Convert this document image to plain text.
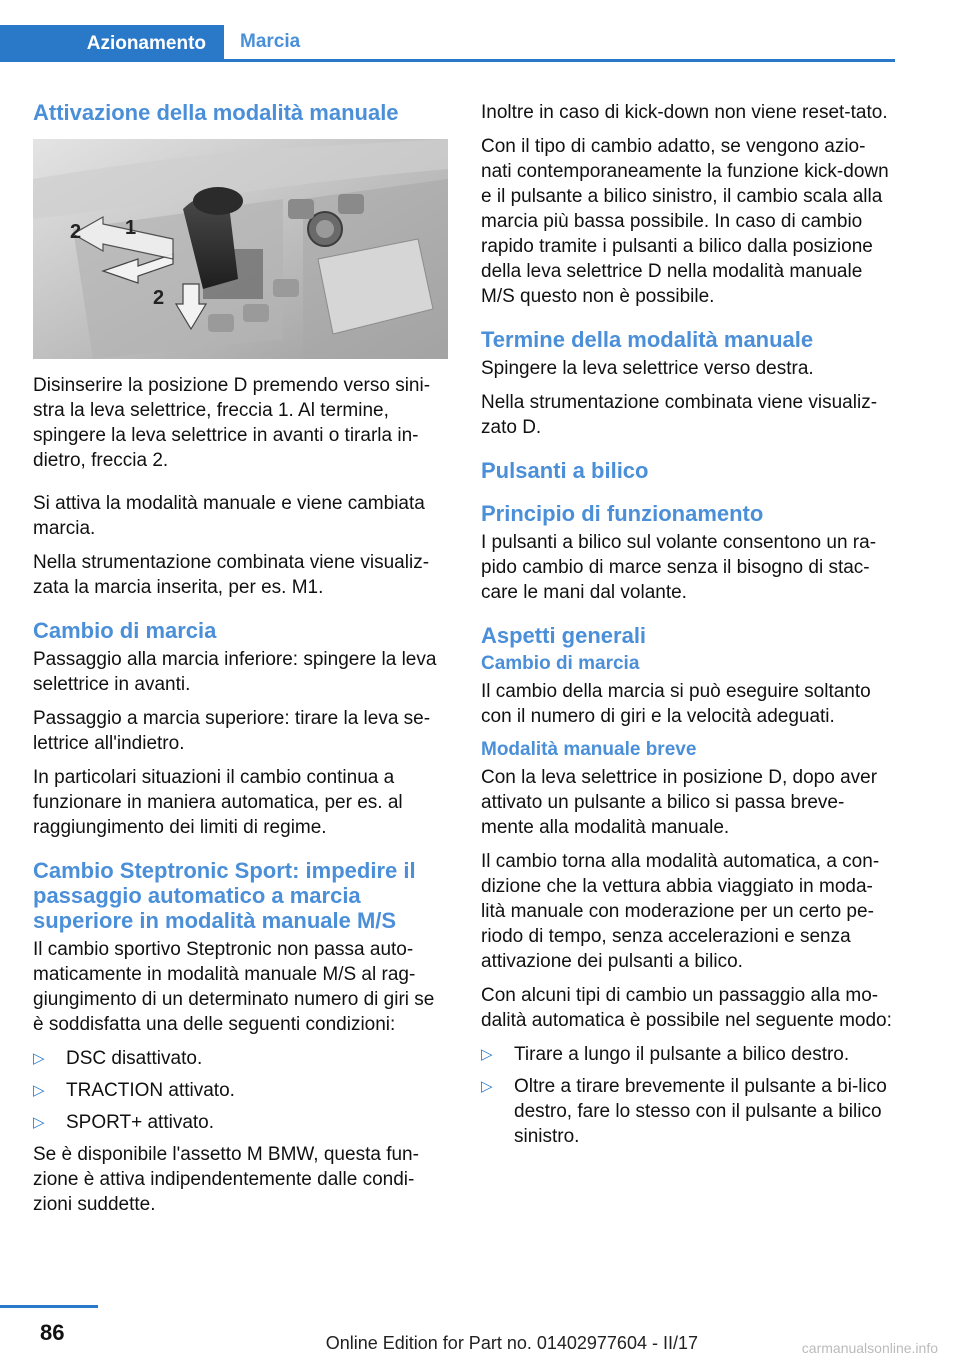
Azionamento	Marcia
Attivazione della modalità manuale
1
2
2

Disinserire la posizione D premendo verso sini-stra la leva selettrice, freccia 1. Al termine, spingere la leva selettrice in avanti o tirarla in-dietro, freccia 2.

Si attiva la modalità manuale e viene cambiata marcia.

Nella strumentazione combinata viene visualiz-zata la marcia inserita, per es. M1.

Cambio di marcia

Passaggio alla marcia inferiore: spingere la leva selettrice in avanti.

Passaggio a marcia superiore: tirare la leva se-lettrice all'indietro.

In particolari situazioni il cambio continua a funzionare in maniera automatica, per es. al raggiungimento dei limiti di regime.

Cambio Steptronic Sport: impedire il passaggio automatico a marcia superiore in modalità manuale M/S

Il cambio sportivo Steptronic non passa auto-maticamente in modalità manuale M/S al rag-giungimento di un determinato numero di giri se è soddisfatta una delle seguenti condizioni:

▷ DSC disattivato.
▷ TRACTION attivato.
▷ SPORT+ attivato.

Se è disponibile l'assetto M BMW, questa fun-zione è attiva indipendentemente dalle condi-zioni suddette.

Inoltre in caso di kick-down non viene reset-tato.

Con il tipo di cambio adatto, se vengono azio-nati contemporaneamente la funzione kick-down e il pulsante a bilico sinistro, il cambio scala alla marcia più bassa possibile. In caso di cambio rapido tramite i pulsanti a bilico dalla posizione della leva selettrice D nella modalità manuale M/S questo non è possibile.

Termine della modalità manuale

Spingere la leva selettrice verso destra.

Nella strumentazione combinata viene visualiz-zato D.

Pulsanti a bilico
Principio di funzionamento

I pulsanti a bilico sul volante consentono un ra-pido cambio di marce senza il bisogno di stac-care le mani dal volante.

Aspetti generali
Cambio di marcia

Il cambio della marcia si può eseguire soltanto con il numero di giri e la velocità adeguati.

Modalità manuale breve

Con la leva selettrice in posizione D, dopo aver attivato un pulsante a bilico si passa breve-mente alla modalità manuale.

Il cambio torna alla modalità automatica, a con-dizione che la vettura abbia viaggiato in moda-lità manuale con moderazione per un certo pe-riodo di tempo, senza accelerazioni e senza attivazione dei pulsanti a bilico.

Con alcuni tipi di cambio un passaggio alla mo-dalità automatica è possibile nel seguente modo:

▷ Tirare a lungo il pulsante a bilico destro.
▷ Oltre a tirare brevemente il pulsante a bi-lico destro, fare lo stesso con il pulsante a bilico sinistro.
86	Online Edition for Part no. 01402977604 - II/17	carmanualsonline.info
